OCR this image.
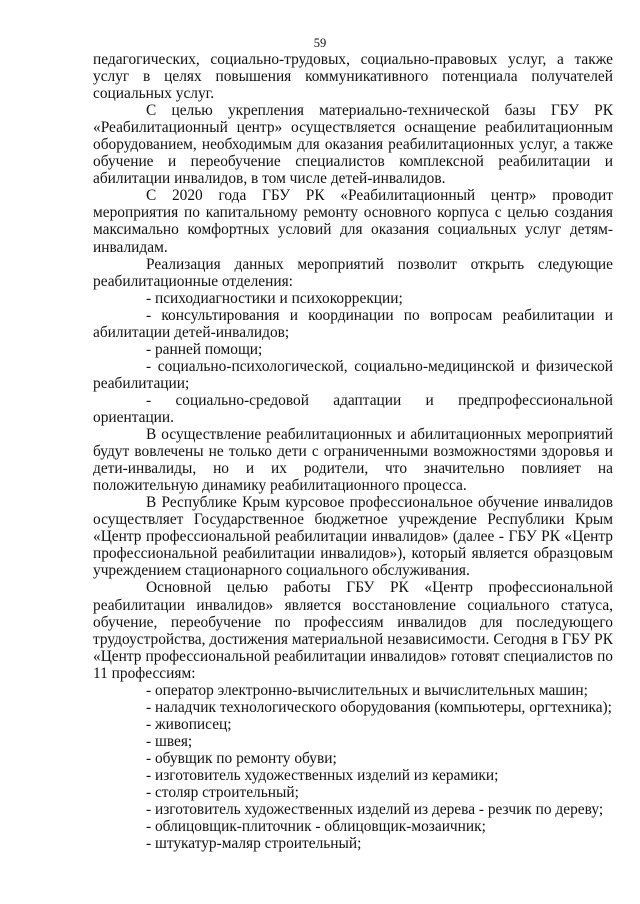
59

педагогических, социально-трудовых, социально-правовых услуг, а также услуг в целях повышения коммуникативного потенциала получателей социальных услуг.

С целью укрепления материально-технической базы ГБУ РК «Реабилитационный центр» осуществляется оснащение реабилитационным оборудованием, необходимым для оказания реабилитационных услуг, а также обучение и переобучение специалистов комплексной реабилитации и абилитации инвалидов, в том числе детей-инвалидов.

С 2020 года ГБУ РК «Реабилитационный центр» проводит мероприятия по капитальному ремонту основного корпуса с целью создания максимально комфортных условий для оказания социальных услуг детям-инвалидам.

Реализация данных мероприятий позволит открыть следующие реабилитационные отделения:

- психодиагностики и психокоррекции;

- консультирования и координации по вопросам реабилитации и абилитации детей-инвалидов;

- ранней помощи;

- социально-психологической, социально-медицинской и физической реабилитации;

- социально-средовой адаптации и предпрофессиональной ориентации.

В осуществление реабилитационных и абилитационных мероприятий будут вовлечены не только дети с ограниченными возможностями здоровья и дети-инвалиды, но и их родители, что значительно повлияет на положительную динамику реабилитационного процесса.

В Республике Крым курсовое профессиональное обучение инвалидов осуществляет Государственное бюджетное учреждение Республики Крым «Центр профессиональной реабилитации инвалидов» (далее - ГБУ РК «Центр профессиональной реабилитации инвалидов»), который является образцовым учреждением стационарного социального обслуживания.

Основной целью работы ГБУ РК «Центр профессиональной реабилитации инвалидов» является восстановление социального статуса, обучение, переобучение по профессиям инвалидов для последующего трудоустройства, достижения материальной независимости. Сегодня в ГБУ РК «Центр профессиональной реабилитации инвалидов» готовят специалистов по 11 профессиям:

- оператор электронно-вычислительных и вычислительных машин;

- наладчик технологического оборудования (компьютеры, оргтехника);

- живописец;

- швея;

- обувщик по ремонту обуви;

- изготовитель художественных изделий из керамики;

- столяр строительный;

- изготовитель художественных изделий из дерева - резчик по дереву;

- облицовщик-плиточник - облицовщик-мозаичник;

- штукатур-маляр строительный;
